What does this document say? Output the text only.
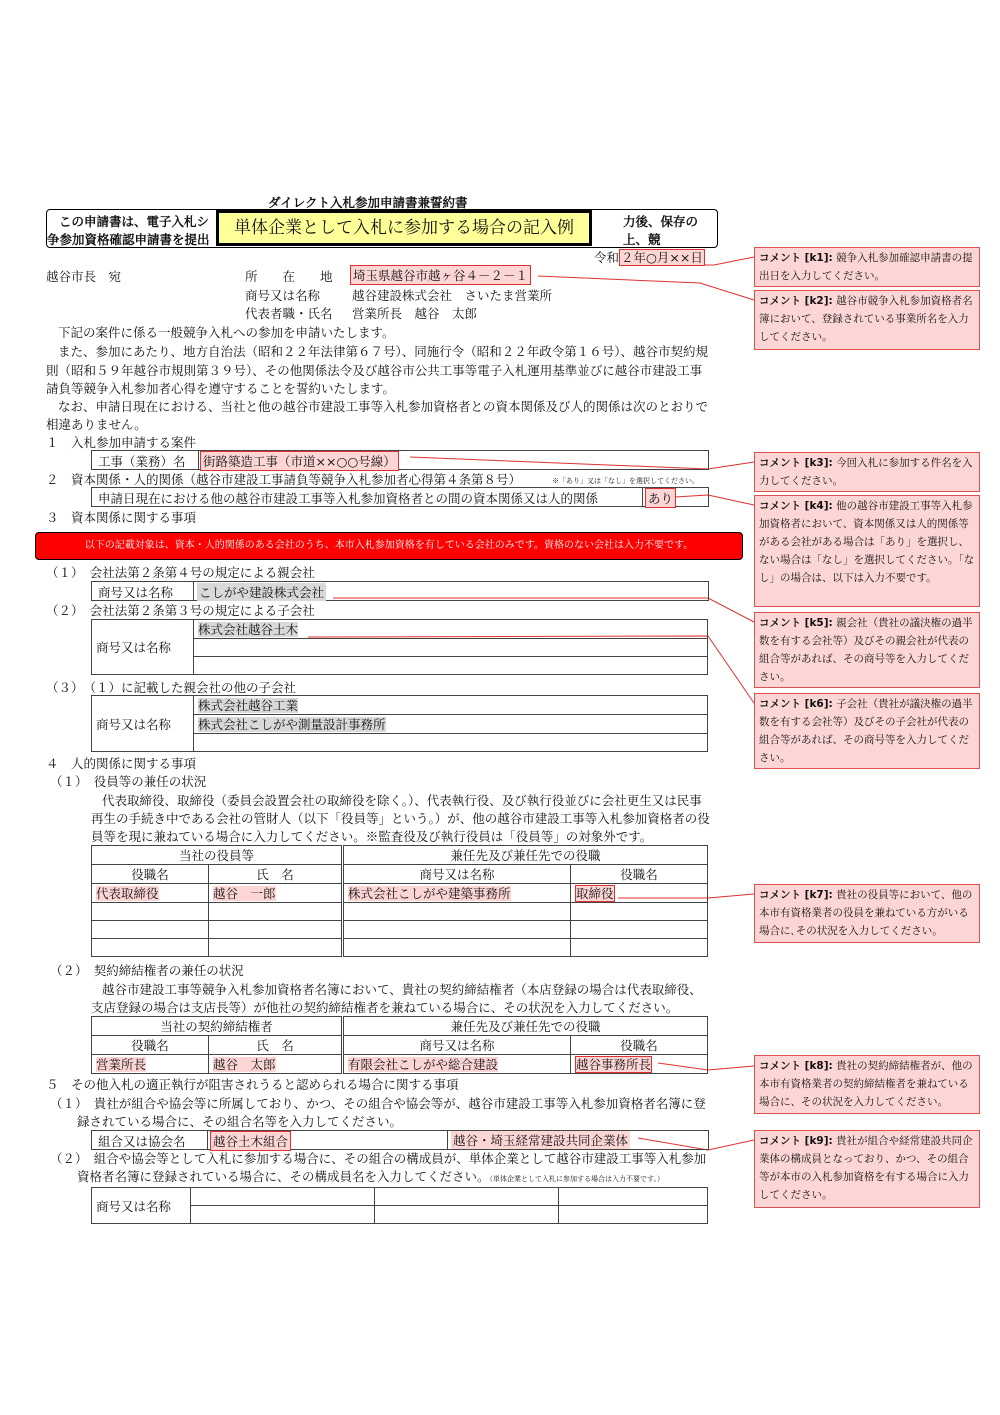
ダイレクト入札参加申請書兼誓約書
この申請書は、電子入札シ	力後、保存の上、競
争参加資格確認申請書を提出
単体企業として入札に参加する場合の記入例
令和 ２年○月××日
越谷市長　宛	所　　在　　地 埼玉県越谷市越ヶ谷４－２－１
商号又は名称	越谷建設株式会社　さいたま営業所
代表者職・氏名 営業所長　越谷　太郎
下記の案件に係る一般競争入札への参加を申請いたします。
また、参加にあたり、地方自治法（昭和２２年法律第６７号）、同施行令（昭和２２年政令第１６号）、越谷市契約規
則（昭和５９年越谷市規則第３９号）、その他関係法令及び越谷市公共工事等電子入札運用基準並びに越谷市建設工事
請負等競争入札参加者心得を遵守することを誓約いたします。
なお、申請日現在における、当社と他の越谷市建設工事等入札参加資格者との資本関係及び人的関係は次のとおりで
相違ありません。
１　入札参加申請する案件
工事（業務）名 街路築造工事（市道××○○号線）
２　資本関係・人的関係（越谷市建設工事請負等競争入札参加者心得第４条第８号）	※「あり」又は「なし」を選択してください。
申請日現在における他の越谷市建設工事等入札参加資格者との間の資本関係又は人的関係	あり
３　資本関係に関する事項
以下の記載対象は、資本・人的関係のある会社のうち、本市入札参加資格を有している会社のみです。資格のない会社は入力不要です。
（１）　会社法第２条第４号の規定による親会社
商号又は名称 こしがや建設株式会社
（２）　会社法第２条第３号の規定による子会社
商号又は名称	株式会社越谷土木

（３）　（１）に記載した親会社の他の子会社
商号又は名称	株式会社越谷工業
株式会社こしがや測量設計事務所

４　人的関係に関する事項
（１）　役員等の兼任の状況
代表取締役、取締役（委員会設置会社の取締役を除く。）、代表執行役、及び執行役並びに会社更生又は民事
再生の手続き中である会社の管財人（以下「役員等」という。）が、他の越谷市建設工事等入札参加資格者の役
員等を現に兼ねている場合に入力してください。※監査役及び執行役員は「役員等」の対象外です。
当社の役員等		兼任先及び兼任先での役職	
役職名	氏　名	商号又は名称	役職名
代表取締役	越谷　一郎	株式会社こしがや建築事務所	取締役

（２）　契約締結権者の兼任の状況
越谷市建設工事等競争入札参加資格者名簿において、貴社の契約締結権者（本店登録の場合は代表取締役、
支店登録の場合は支店長等）が他社の契約締結権者を兼ねている場合に、その状況を入力してください。
当社の契約締結権者		兼任先及び兼任先での役職	
役職名	氏　名	商号又は名称	役職名
営業所長	越谷　太郎	有限会社こしがや総合建設	越谷事務所長
５　その他入札の適正執行が阻害されうると認められる場合に関する事項
（１）　貴社が組合や協会等に所属しており、かつ、その組合や協会等が、越谷市建設工事等入札参加資格者名簿に登
録されている場合に、その組合名等を入力してください。
組合又は協会名 越谷土木組合	越谷・埼玉経常建設共同企業体
（２）　組合や協会等として入札に参加する場合に、その組合の構成員が、単体企業として越谷市建設工事等入札参加
資格者名簿に登録されている場合に、その構成員名を入力してください。（単体企業として入札に参加する場合は入力不要です。）
商号又は名称			

コメント [k1]: 競争入札参加確認申請書の提出日を入力してください。
コメント [k2]: 越谷市競争入札参加資格者名簿において、登録されている事業所名を入力してください。
コメント [k3]: 今回入札に参加する件名を入力してください。
コメント [k4]: 他の越谷市建設工事等入札参加資格者において、資本関係又は人的関係等がある会社がある場合は「あり」を選択し、ない場合は「なし」を選択してください。「なし」の場合は、以下は入力不要です。
コメント [k5]: 親会社（貴社の議決権の過半数を有する会社等）及びその親会社が代表の組合等があれば、その商号等を入力してください。
コメント [k6]: 子会社（貴社が議決権の過半数を有する会社等）及びその子会社が代表の組合等があれば、その商号等を入力してください。
コメント [k7]: 貴社の役員等において、他の本市有資格業者の役員を兼ねている方がいる場合に､その状況を入力してください。
コメント [k8]: 貴社の契約締結権者が、他の本市有資格業者の契約締結権者を兼ねている場合に、その状況を入力してください。
コメント [k9]: 貴社が組合や経常建設共同企業体の構成員となっており、かつ、その組合等が本市の入札参加資格を有する場合に入力してください。
